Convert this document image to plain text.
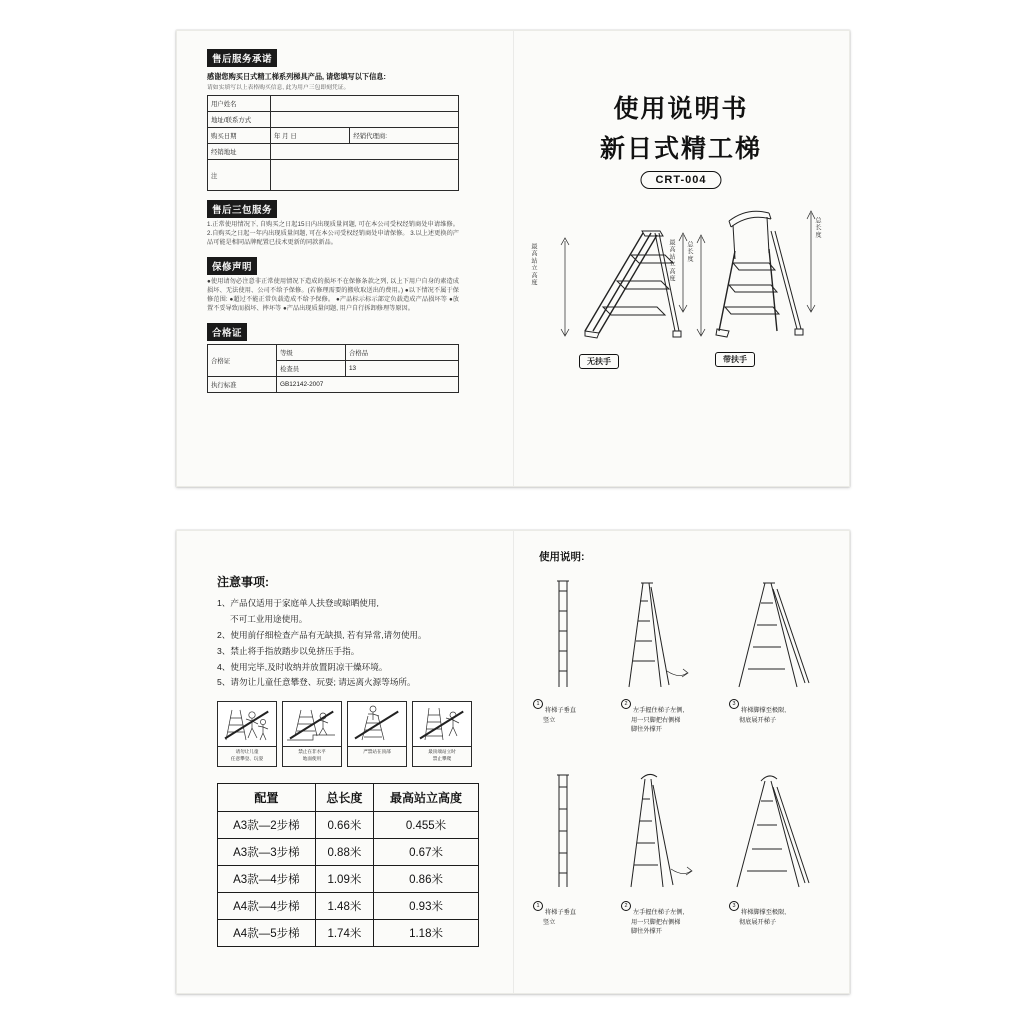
售后服务承诺
感谢您购买日式精工梯系列梯具产品, 请您填写以下信息:
请如实填写以上表格购买信息, 此为用户三包即刻凭证。
用户姓名		
地址/联系方式		
购买日期	年 月 日	经销代理商:
经销地址		
注		
售后三包服务
1.正常使用情况下, 自购买之日起15日内出现质量问题, 可在本公司受权经销商处申请维修。 2.自购买之日起一年内出现质量问题, 可在本公司受权经销商处申请保修。 3.以上述更换的产品可能是相同品牌配置已技术更新的同款新品。
保修声明
●使用请勿必注意非正常使用情况下造成的损坏不在保修条款之列, 以上下用户自身的素造成损坏、无法使用、公司不给予保修。(若修理需要的搬收取送出的费用。) ●以下情况不属于保修范围: ●超过不能正常负载造成不给予保修。 ●产品标示标示部定负载造成产品损坏等 ●放置不妥导致而损坏、摔坏等 ●产品出现质量问题, 用户自行拆卸修理等原因。
合格证
合格证	等级	合格品
	检查员	13
执行标准	GB12142-2007	
使用说明书
新日式精工梯
CRT-004
最高站立高度	总长度
无扶手
最高站立高度
总长度
带扶手
注意事项:
1、产品仅适用于家庭单人扶登或晾晒使用,
不可工业用途使用。
2、使用前仔细检查产品有无缺损, 若有异常,请勿使用。
3、禁止将手指放踏步以免挤压手指。
4、使用完毕,及时收纳并放置阴凉干燥环境。
5、请勿让儿童任意攀登、玩耍; 请远离火源等场所。
请勿让儿童
任意攀登、玩耍
禁止在非水平
地面使用
严禁站在顶部	最顶端站立时
禁止攀爬
配置	总长度	最高站立高度
A3款—2步梯	0.66米	0.455米
A3款—3步梯	0.88米	0.67米
A3款—4步梯	1.09米	0.86米
A4款—4步梯	1.48米	0.93米
A4款—5步梯	1.74米	1.18米
使用说明:
1将梯子垂直
竖立
2左手握住梯子左侧,
用一只脚把右侧梯
脚往外撑开
3将梯脚撑至极限,
彻底展开梯子
1将梯子垂直
竖立
2左手握住梯子左侧,
用一只脚把右侧梯
脚往外撑开
3将梯脚撑至极限,
彻底展开梯子
